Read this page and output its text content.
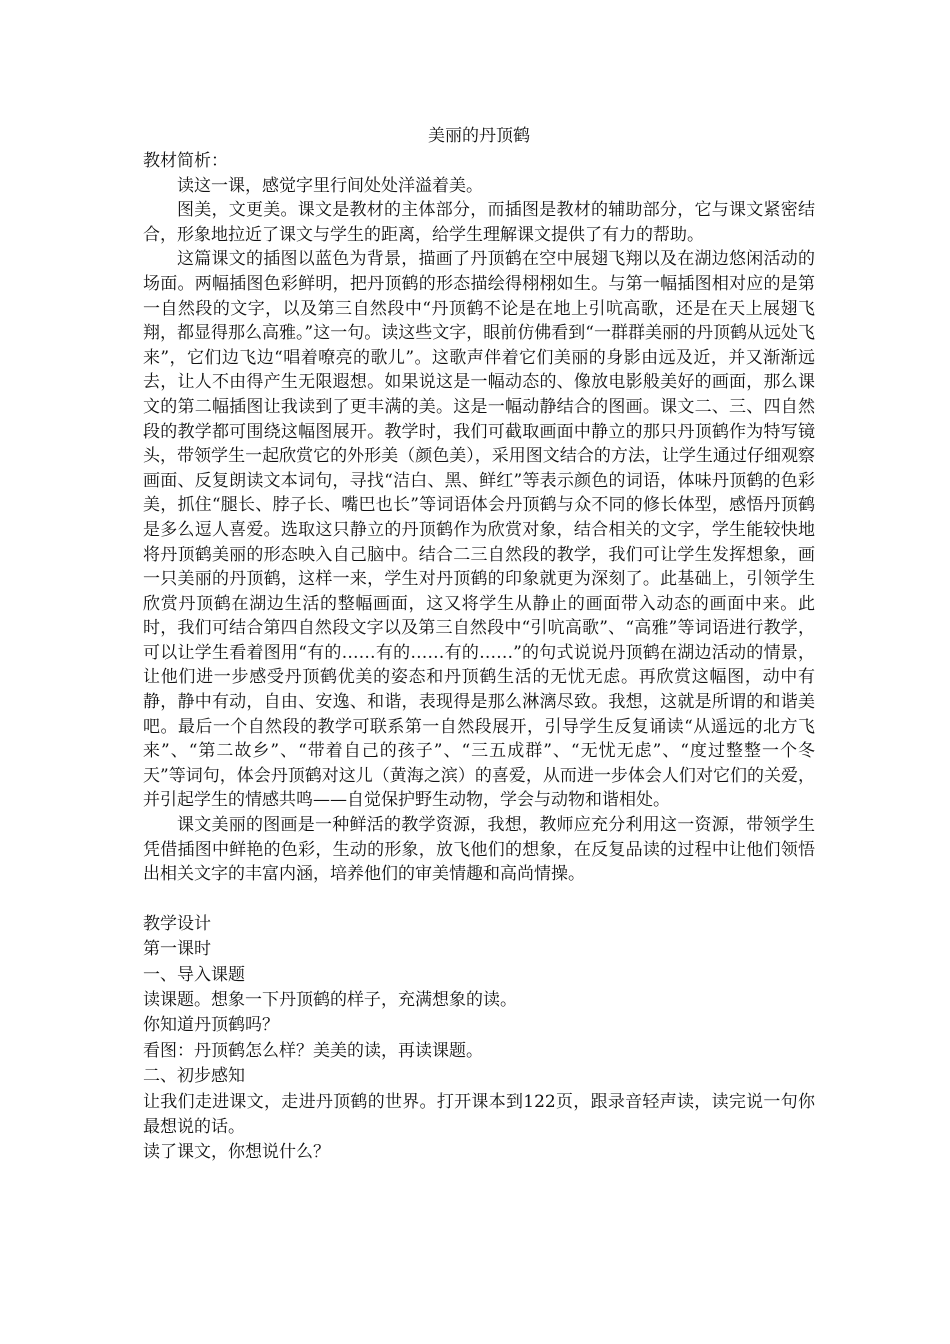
美丽的丹顶鹤

教材简析：

读这一课，感觉字里行间处处洋溢着美。

图美，文更美。课文是教材的主体部分，而插图是教材的辅助部分，它与课文紧密结合，形象地拉近了课文与学生的距离，给学生理解课文提供了有力的帮助。

这篇课文的插图以蓝色为背景，描画了丹顶鹤在空中展翅飞翔以及在湖边悠闲活动的场面。两幅插图色彩鲜明，把丹顶鹤的形态描绘得栩栩如生。与第一幅插图相对应的是第一自然段的文字，以及第三自然段中“丹顶鹤不论是在地上引吭高歌，还是在天上展翅飞翔，都显得那么高雅。”这一句。读这些文字，眼前仿佛看到“一群群美丽的丹顶鹤从远处飞来”，它们边飞边“唱着嘹亮的歌儿”。这歌声伴着它们美丽的身影由远及近，并又渐渐远去，让人不由得产生无限遐想。如果说这是一幅动态的、像放电影般美好的画面，那么课文的第二幅插图让我读到了更丰满的美。这是一幅动静结合的图画。课文二、三、四自然段的教学都可围绕这幅图展开。教学时，我们可截取画面中静立的那只丹顶鹤作为特写镜头，带领学生一起欣赏它的外形美（颜色美），采用图文结合的方法，让学生通过仔细观察画面、反复朗读文本词句，寻找“洁白、黑、鲜红”等表示颜色的词语，体味丹顶鹤的色彩美，抓住“腿长、脖子长、嘴巴也长”等词语体会丹顶鹤与众不同的修长体型，感悟丹顶鹤是多么逗人喜爱。选取这只静立的丹顶鹤作为欣赏对象，结合相关的文字，学生能较快地将丹顶鹤美丽的形态映入自己脑中。结合二三自然段的教学，我们可让学生发挥想象，画一只美丽的丹顶鹤，这样一来，学生对丹顶鹤的印象就更为深刻了。此基础上，引领学生欣赏丹顶鹤在湖边生活的整幅画面，这又将学生从静止的画面带入动态的画面中来。此时，我们可结合第四自然段文字以及第三自然段中“引吭高歌”、“高雅”等词语进行教学，可以让学生看着图用“有的……有的……有的……”的句式说说丹顶鹤在湖边活动的情景，让他们进一步感受丹顶鹤优美的姿态和丹顶鹤生活的无忧无虑。再欣赏这幅图，动中有静，静中有动，自由、安逸、和谐，表现得是那么淋漓尽致。我想，这就是所谓的和谐美吧。最后一个自然段的教学可联系第一自然段展开，引导学生反复诵读“从遥远的北方飞来”、“第二故乡”、“带着自己的孩子”、“三五成群”、“无忧无虑”、“度过整整一个冬天”等词句，体会丹顶鹤对这儿（黄海之滨）的喜爱，从而进一步体会人们对它们的关爱，并引起学生的情感共鸣——自觉保护野生动物，学会与动物和谐相处。

课文美丽的图画是一种鲜活的教学资源，我想，教师应充分利用这一资源，带领学生凭借插图中鲜艳的色彩，生动的形象，放飞他们的想象，在反复品读的过程中让他们领悟出相关文字的丰富内涵，培养他们的审美情趣和高尚情操。

教学设计

第一课时

一、导入课题

读课题。想象一下丹顶鹤的样子，充满想象的读。

你知道丹顶鹤吗？

看图：丹顶鹤怎么样？美美的读，再读课题。

二、初步感知

让我们走进课文，走进丹顶鹤的世界。打开课本到122页，跟录音轻声读，读完说一句你最想说的话。

读了课文，你想说什么？
